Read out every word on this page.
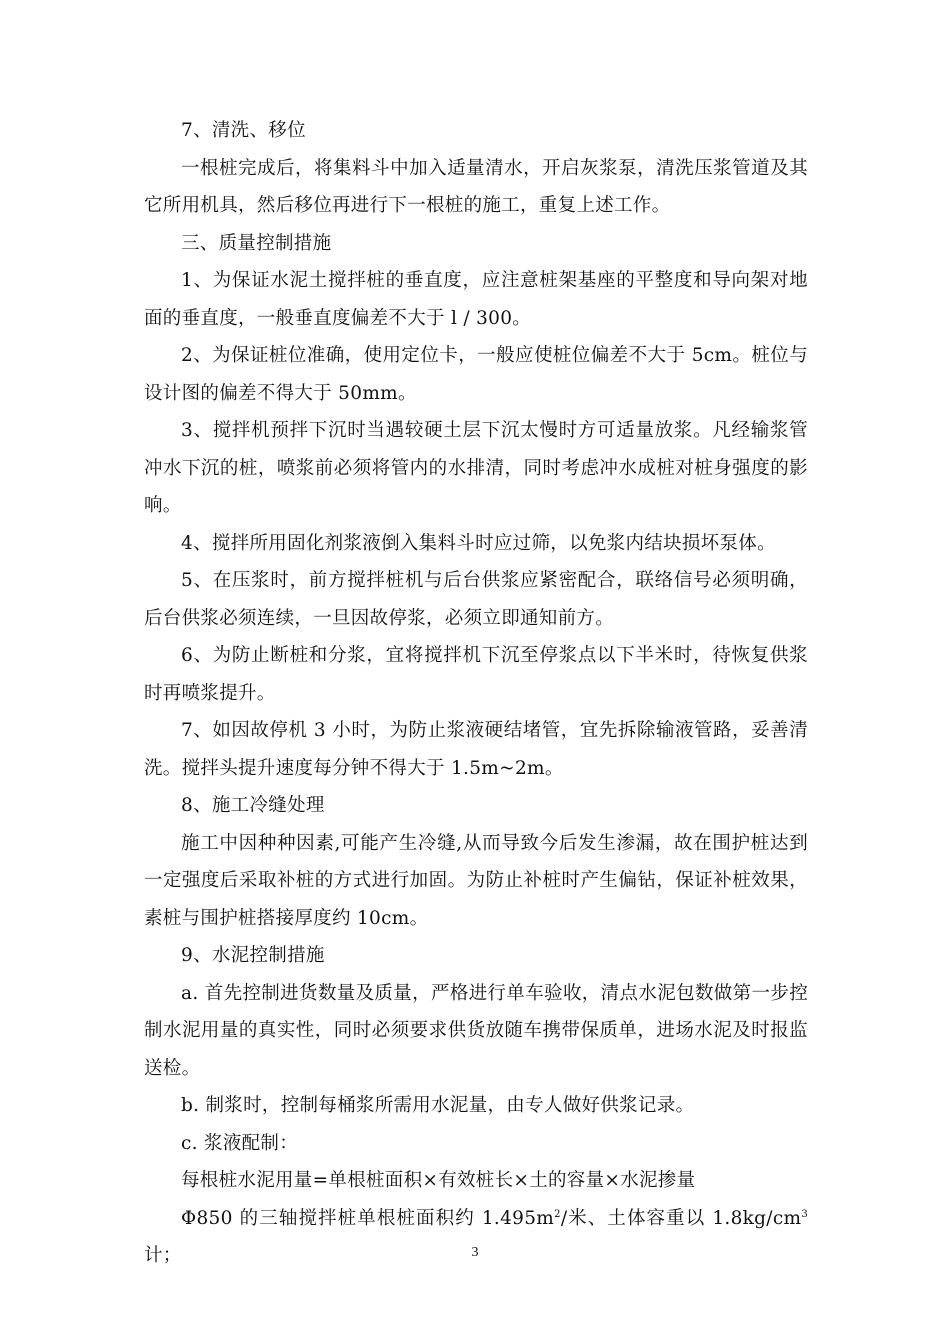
7、清洗、移位

一根桩完成后，将集料斗中加入适量清水，开启灰浆泵，清洗压浆管道及其它所用机具，然后移位再进行下一根桩的施工，重复上述工作。

三、质量控制措施

1、为保证水泥土搅拌桩的垂直度，应注意桩架基座的平整度和导向架对地面的垂直度，一般垂直度偏差不大于 l / 300。

2、为保证桩位准确，使用定位卡，一般应使桩位偏差不大于 5cm。桩位与设计图的偏差不得大于 50mm。

3、搅拌机预拌下沉时当遇较硬土层下沉太慢时方可适量放浆。凡经输浆管冲水下沉的桩，喷浆前必须将管内的水排清，同时考虑冲水成桩对桩身强度的影响。

4、搅拌所用固化剂浆液倒入集料斗时应过筛，以免浆内结块损坏泵体。

5、在压浆时，前方搅拌桩机与后台供浆应紧密配合，联络信号必须明确，后台供浆必须连续，一旦因故停浆，必须立即通知前方。

6、为防止断桩和分浆，宜将搅拌机下沉至停浆点以下半米时，待恢复供浆时再喷浆提升。

7、如因故停机 3 小时，为防止浆液硬结堵管，宜先拆除输液管路，妥善清洗。搅拌头提升速度每分钟不得大于 1.5m~2m。

8、施工冷缝处理

施工中因种种因素,可能产生冷缝,从而导致今后发生渗漏，故在围护桩达到一定强度后采取补桩的方式进行加固。为防止补桩时产生偏钻，保证补桩效果，素桩与围护桩搭接厚度约 10cm。

9、水泥控制措施

a. 首先控制进货数量及质量，严格进行单车验收，清点水泥包数做第一步控制水泥用量的真实性，同时必须要求供货放随车携带保质单，进场水泥及时报监送检。

b. 制浆时，控制每桶浆所需用水泥量，由专人做好供浆记录。

c. 浆液配制：

每根桩水泥用量=单根桩面积×有效桩长×土的容量×水泥掺量

Φ850 的三轴搅拌桩单根桩面积约 $1.495m^2/$米、土体容重以 $1.8kg/cm^3$计；	3
